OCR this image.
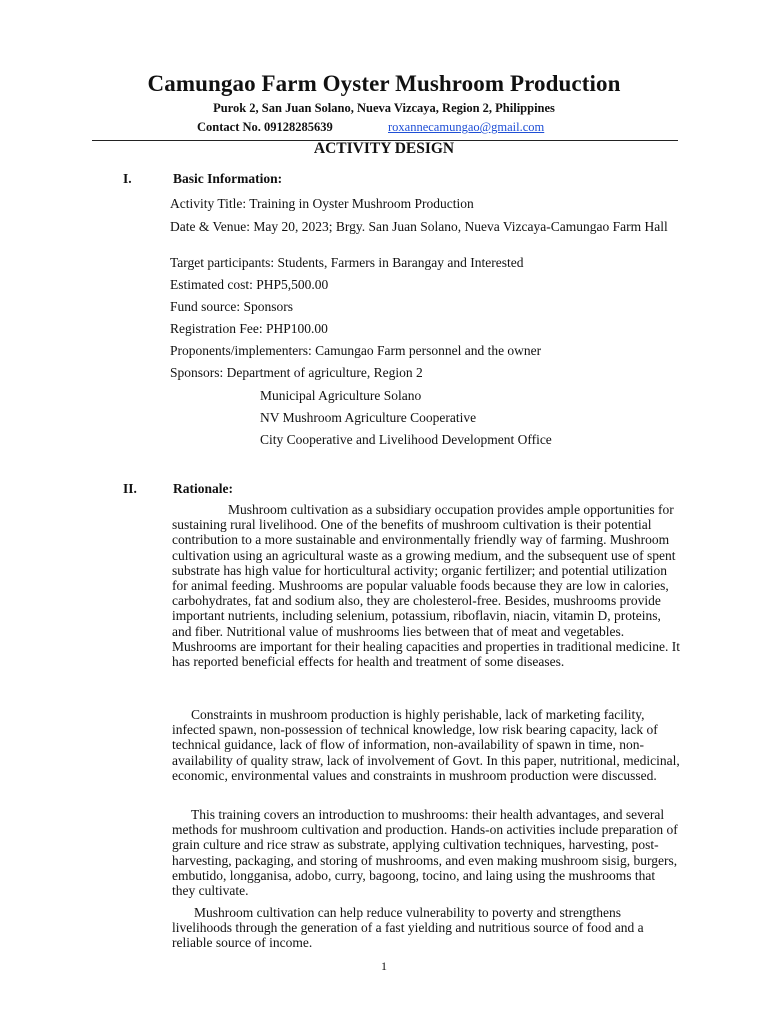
Camungao Farm Oyster Mushroom Production
Purok 2, San Juan Solano, Nueva Vizcaya, Region 2, Philippines
Contact No. 09128285639	roxannecamungao@gmail.com
ACTIVITY DESIGN
I.	Basic Information:
Activity Title: Training in Oyster Mushroom Production
Date & Venue: May 20, 2023; Brgy. San Juan Solano, Nueva Vizcaya-Camungao Farm Hall
Target participants: Students, Farmers in Barangay and Interested
Estimated cost: PHP5,500.00
Fund source: Sponsors
Registration Fee: PHP100.00
Proponents/implementers: Camungao Farm personnel and the owner
Sponsors: Department of agriculture, Region 2
Municipal Agriculture Solano
NV Mushroom Agriculture Cooperative
City Cooperative and Livelihood Development Office
II.	Rationale:

Mushroom cultivation as a subsidiary occupation provides ample opportunities for sustaining rural livelihood. One of the benefits of mushroom cultivation is their potential contribution to a more sustainable and environmentally friendly way of farming. Mushroom cultivation using an agricultural waste as a growing medium, and the subsequent use of spent substrate has high value for horticultural activity; organic fertilizer; and potential utilization for animal feeding. Mushrooms are popular valuable foods because they are low in calories, carbohydrates, fat and sodium also, they are cholesterol-free. Besides, mushrooms provide important nutrients, including selenium, potassium, riboflavin, niacin, vitamin D, proteins, and fiber. Nutritional value of mushrooms lies between that of meat and vegetables. Mushrooms are important for their healing capacities and properties in traditional medicine. It has reported beneficial effects for health and treatment of some diseases.

Constraints in mushroom production is highly perishable, lack of marketing facility, infected spawn, non-possession of technical knowledge, low risk bearing capacity, lack of technical guidance, lack of flow of information, non-availability of spawn in time, non-availability of quality straw, lack of involvement of Govt. In this paper, nutritional, medicinal, economic, environmental values and constraints in mushroom production were discussed.

This training covers an introduction to mushrooms: their health advantages, and several methods for mushroom cultivation and production. Hands-on activities include preparation of grain culture and rice straw as substrate, applying cultivation techniques, harvesting, post-harvesting, packaging, and storing of mushrooms, and even making mushroom sisig, burgers, embutido, longganisa, adobo, curry, bagoong, tocino, and laing using the mushrooms that they cultivate.

Mushroom cultivation can help reduce vulnerability to poverty and strengthens livelihoods through the generation of a fast yielding and nutritious source of food and a reliable source of income.

1
